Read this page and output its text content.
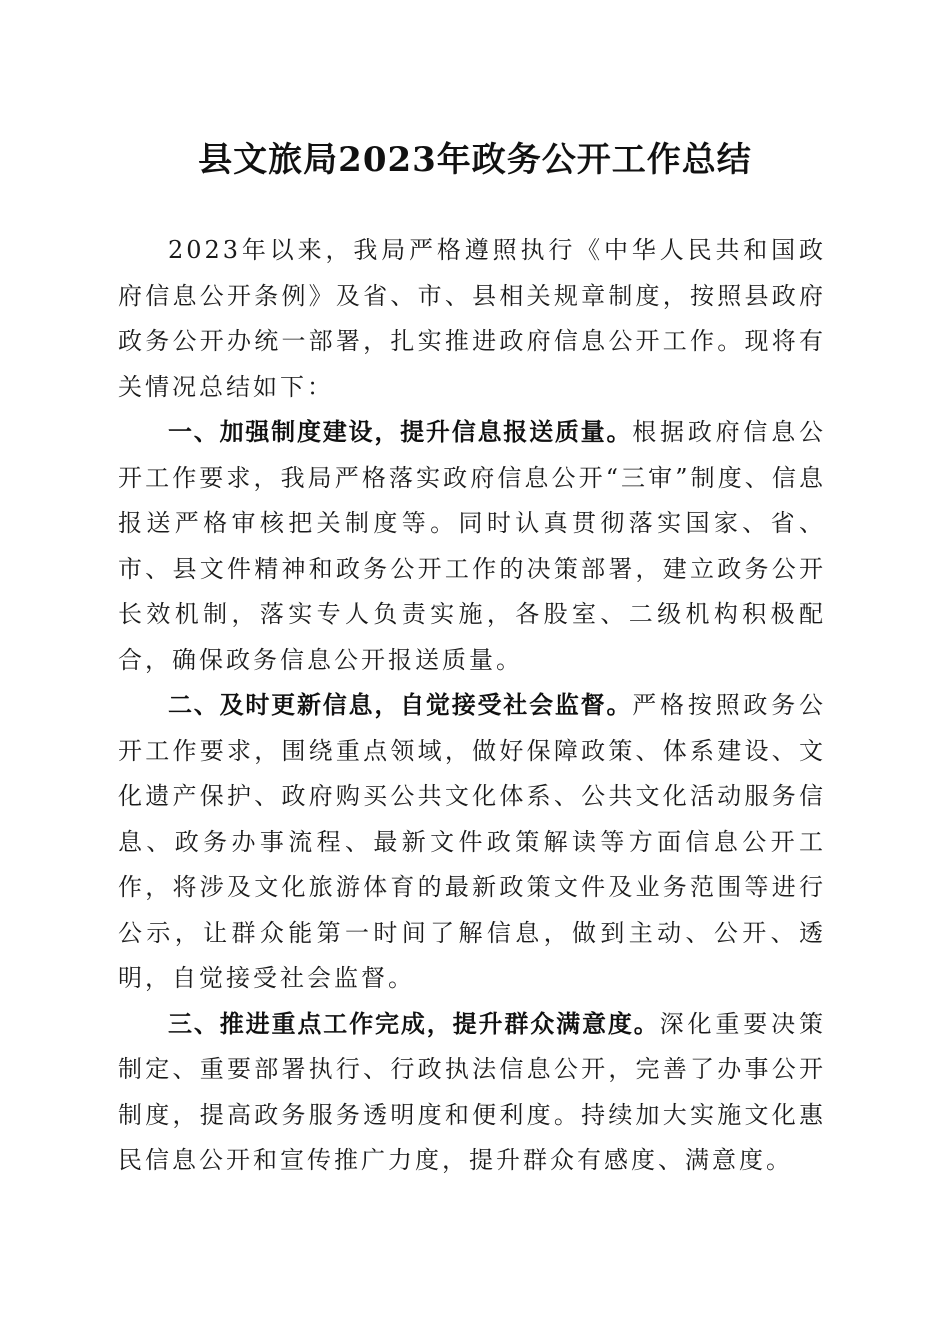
县文旅局2023年政务公开工作总结

2023年以来，我局严格遵照执行《中华人民共和国政府信息公开条例》及省、市、县相关规章制度，按照县政府政务公开办统一部署，扎实推进政府信息公开工作。现将有关情况总结如下：

一、加强制度建设，提升信息报送质量。根据政府信息公开工作要求，我局严格落实政府信息公开“三审”制度、信息报送严格审核把关制度等。同时认真贯彻落实国家、省、市、县文件精神和政务公开工作的决策部署，建立政务公开长效机制，落实专人负责实施，各股室、二级机构积极配合，确保政务信息公开报送质量。

二、及时更新信息，自觉接受社会监督。严格按照政务公开工作要求，围绕重点领域，做好保障政策、体系建设、文化遗产保护、政府购买公共文化体系、公共文化活动服务信息、政务办事流程、最新文件政策解读等方面信息公开工作，将涉及文化旅游体育的最新政策文件及业务范围等进行公示，让群众能第一时间了解信息，做到主动、公开、透明，自觉接受社会监督。

三、推进重点工作完成，提升群众满意度。深化重要决策制定、重要部署执行、行政执法信息公开，完善了办事公开制度，提高政务服务透明度和便利度。持续加大实施文化惠民信息公开和宣传推广力度，提升群众有感度、满意度。
